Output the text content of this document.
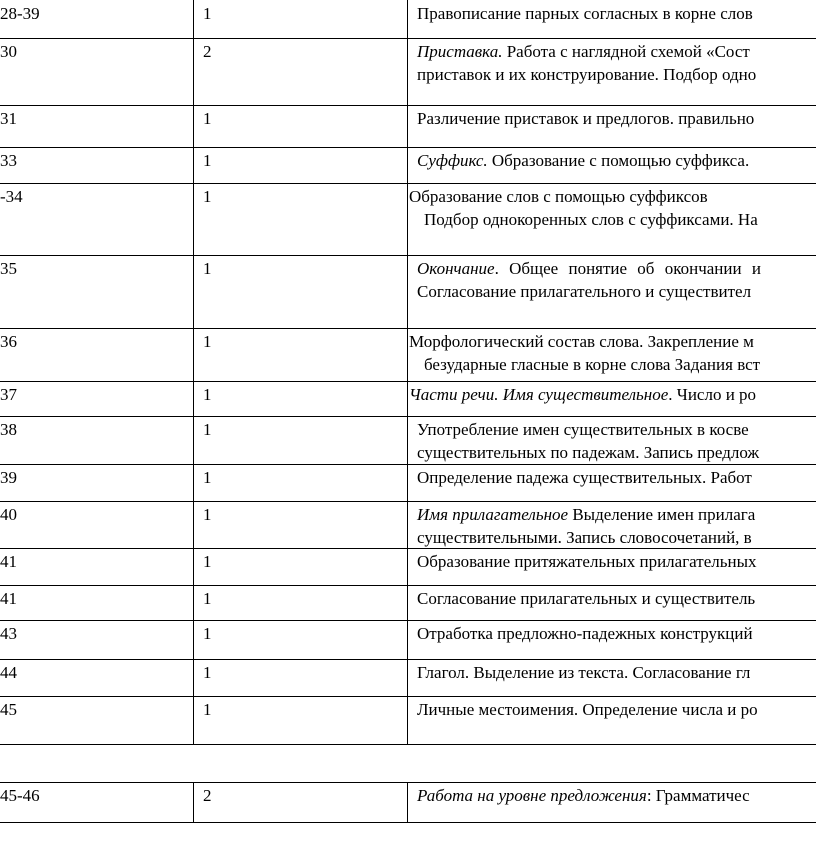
28-39	1	Правописание парных согласных в корне слов
30	2	Приставка. Работа с наглядной схемой «Сост
приставок и их конструирование. Подбор одно
31	1	Различение приставок и предлогов. правильно
33	1	Суффикс. Образование с помощью суффикса.
-34	1	Образование слов с помощью суффиксов
Подбор однокоренных слов с суффиксами. На
35	1	Окончание. Общее понятие об окончании и
Согласование прилагательного и существител
36	1	Морфологический состав слова. Закрепление м
безударные гласные в корне слова Задания вст
37	1	Части речи. Имя существительное. Число и ро
38	1	Употребление имен существительных в косве
существительных по падежам. Запись предлож
39	1	Определение падежа существительных. Работ
40	1	Имя прилагательное Выделение имен прилага
существительными. Запись словосочетаний, в
41	1	Образование притяжательных прилагательных
41	1	Согласование прилагательных и существитель
43	1	Отработка предложно-падежных конструкций
44	1	Глагол. Выделение из текста. Согласование гл
45	1	Личные местоимения. Определение числа и ро
45-46	2	Работа на уровне предложения: Грамматичес
